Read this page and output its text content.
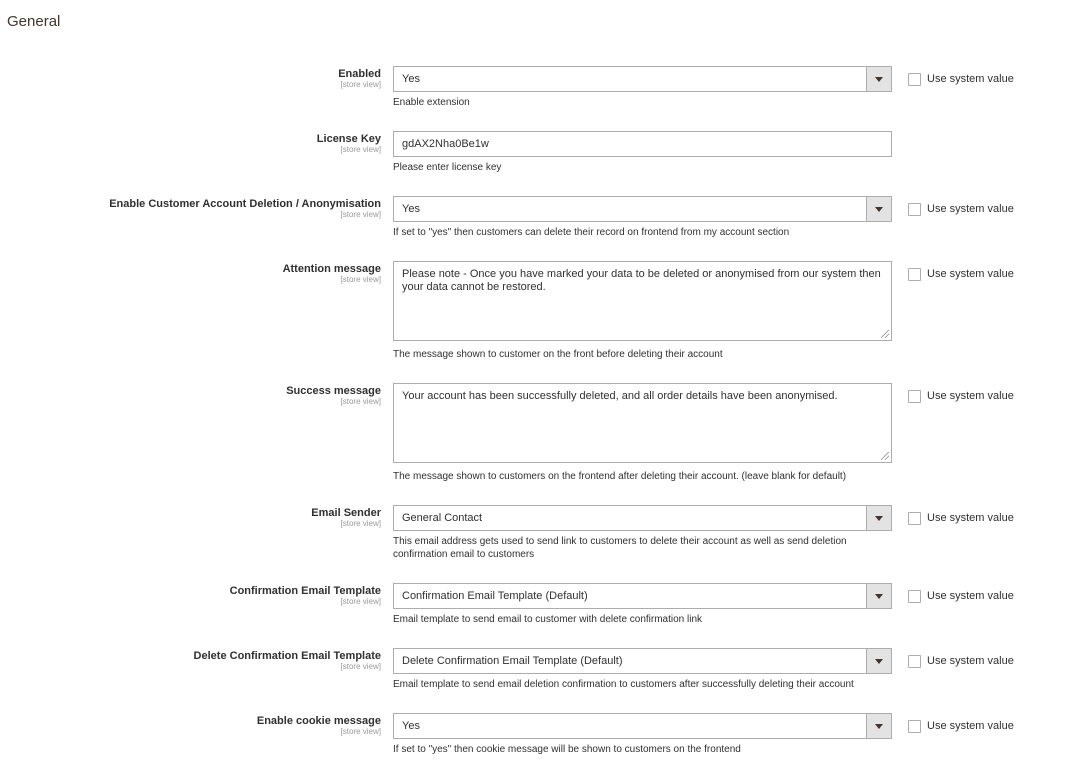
General
Enabled
[store view]	Yes
Enable extension
Use system value
License Key
[store view]	gdAX2Nha0Be1w
Please enter license key
Enable Customer Account Deletion / Anonymisation
[store view]	Yes
If set to "yes" then customers can delete their record on frontend from my account section
Use system value
Attention message
[store view]	Please note - Once you have marked your data to be deleted or anonymised from our system then your data cannot be restored.
The message shown to customer on the front before deleting their account
Use system value
Success message
[store view]	Your account has been successfully deleted, and all order details have been anonymised.
The message shown to customers on the frontend after deleting their account. (leave blank for default)
Use system value
Email Sender
[store view]	General Contact
This email address gets used to send link to customers to delete their account as well as send deletion confirmation email to customers
Use system value
Confirmation Email Template
[store view]	Confirmation Email Template (Default)
Email template to send email to customer with delete confirmation link
Use system value
Delete Confirmation Email Template
[store view]	Delete Confirmation Email Template (Default)
Email template to send email deletion confirmation to customers after successfully deleting their account
Use system value
Enable cookie message
[store view]	Yes
If set to "yes" then cookie message will be shown to customers on the frontend
Use system value
